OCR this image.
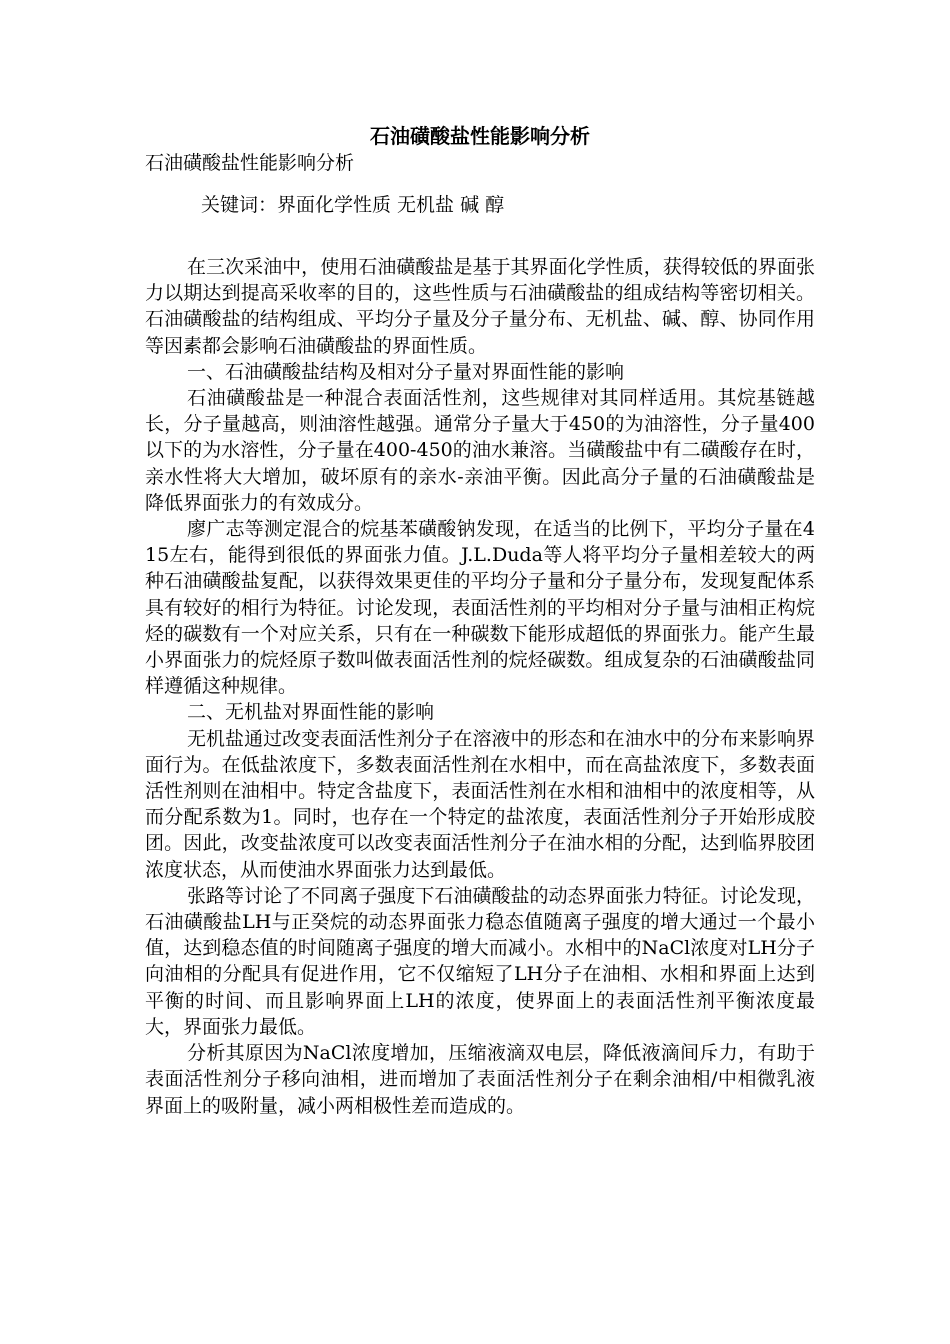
石油磺酸盐性能影响分析
石油磺酸盐性能影响分析
关键词：界面化学性质 无机盐 碱 醇

在三次采油中，使用石油磺酸盐是基于其界面化学性质，获得较低的界面张力以期达到提高采收率的目的，这些性质与石油磺酸盐的组成结构等密切相关。石油磺酸盐的结构组成、平均分子量及分子量分布、无机盐、碱、醇、协同作用等因素都会影响石油磺酸盐的界面性质。

一、石油磺酸盐结构及相对分子量对界面性能的影响

石油磺酸盐是一种混合表面活性剂，这些规律对其同样适用。其烷基链越长，分子量越高，则油溶性越强。通常分子量大于450的为油溶性，分子量400以下的为水溶性，分子量在400-450的油水兼溶。当磺酸盐中有二磺酸存在时，亲水性将大大增加，破坏原有的亲水-亲油平衡。因此高分子量的石油磺酸盐是降低界面张力的有效成分。

廖广志等测定混合的烷基苯磺酸钠发现，在适当的比例下，平均分子量在415左右，能得到很低的界面张力值。J.L.Duda等人将平均分子量相差较大的两种石油磺酸盐复配，以获得效果更佳的平均分子量和分子量分布，发现复配体系具有较好的相行为特征。讨论发现，表面活性剂的平均相对分子量与油相正构烷烃的碳数有一个对应关系，只有在一种碳数下能形成超低的界面张力。能产生最小界面张力的烷烃原子数叫做表面活性剂的烷烃碳数。组成复杂的石油磺酸盐同样遵循这种规律。

二、无机盐对界面性能的影响

无机盐通过改变表面活性剂分子在溶液中的形态和在油水中的分布来影响界面行为。在低盐浓度下，多数表面活性剂在水相中，而在高盐浓度下，多数表面活性剂则在油相中。特定含盐度下，表面活性剂在水相和油相中的浓度相等，从而分配系数为1。同时，也存在一个特定的盐浓度，表面活性剂分子开始形成胶团。因此，改变盐浓度可以改变表面活性剂分子在油水相的分配，达到临界胶团浓度状态，从而使油水界面张力达到最低。

张路等讨论了不同离子强度下石油磺酸盐的动态界面张力特征。讨论发现，石油磺酸盐LH与正癸烷的动态界面张力稳态值随离子强度的增大通过一个最小值，达到稳态值的时间随离子强度的增大而减小。水相中的NaCl浓度对LH分子向油相的分配具有促进作用，它不仅缩短了LH分子在油相、水相和界面上达到平衡的时间、而且影响界面上LH的浓度，使界面上的表面活性剂平衡浓度最大，界面张力最低。

分析其原因为NaCl浓度增加，压缩液滴双电层，降低液滴间斥力，有助于表面活性剂分子移向油相，进而增加了表面活性剂分子在剩余油相/中相微乳液界面上的吸附量，减小两相极性差而造成的。
